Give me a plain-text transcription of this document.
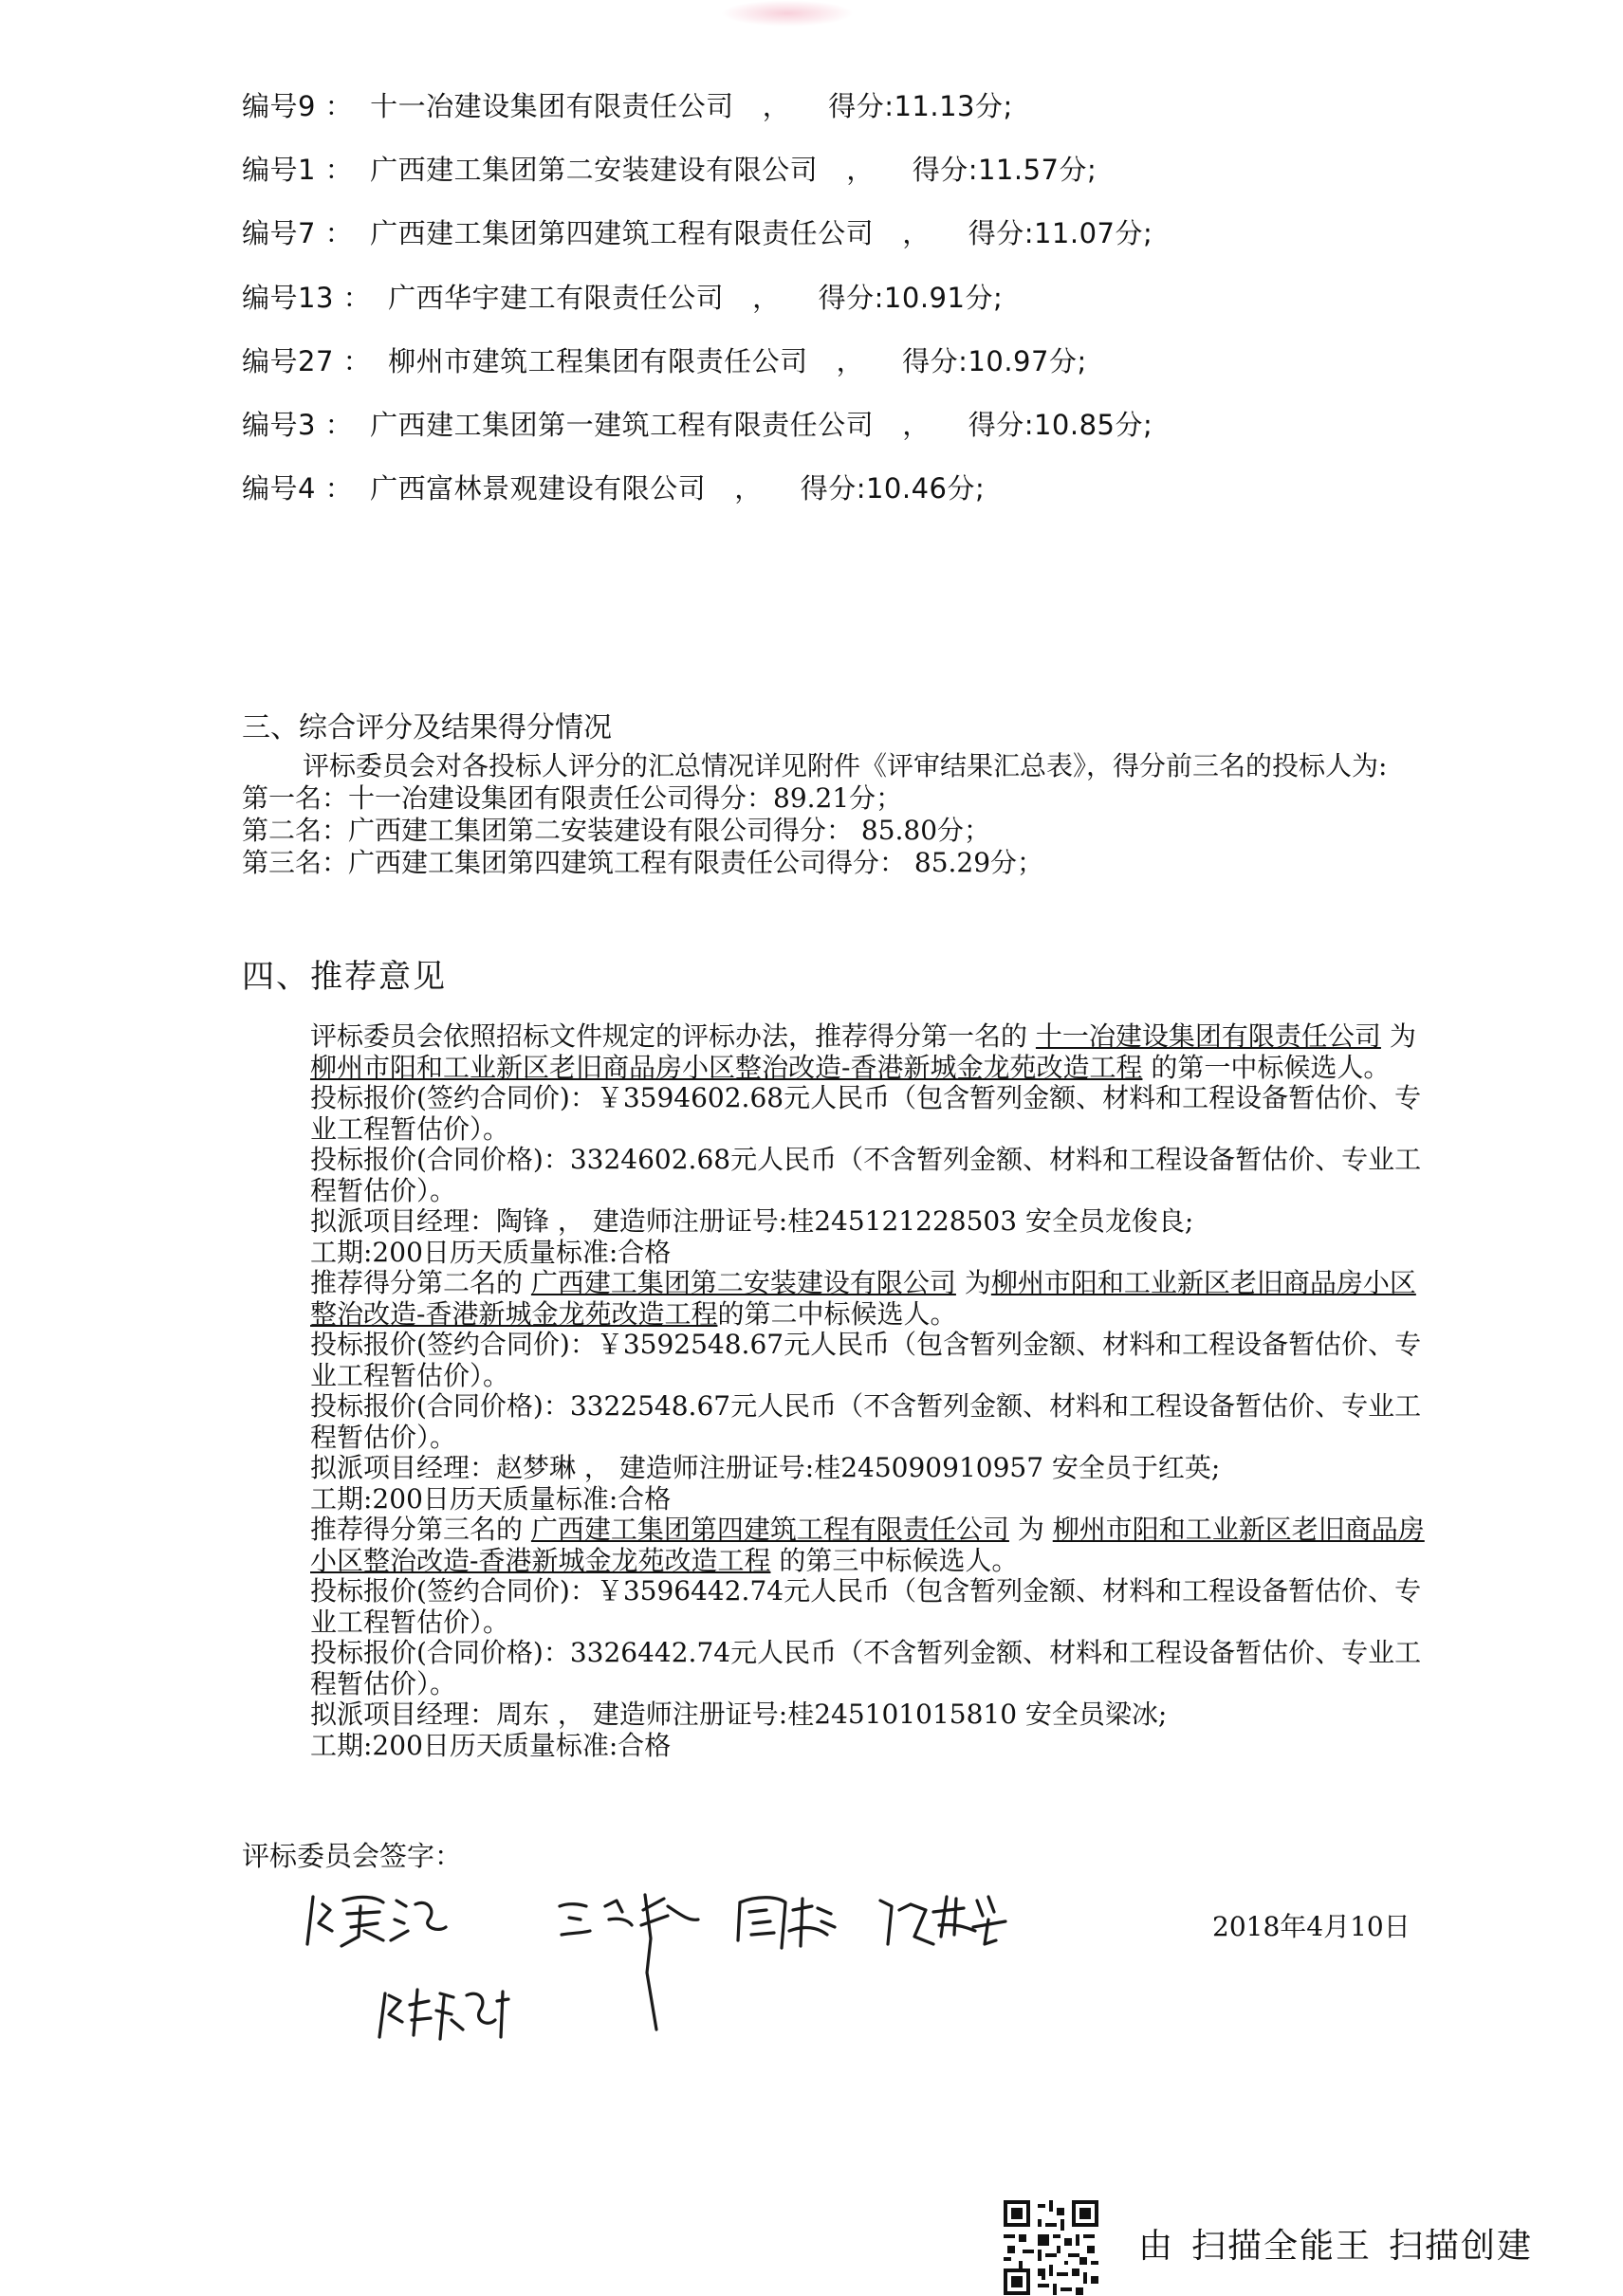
编号9 ： 十一冶建设集团有限责任公司 ， 得分:11.13分;
编号1 ： 广西建工集团第二安装建设有限公司 ， 得分:11.57分;
编号7 ： 广西建工集团第四建筑工程有限责任公司 ， 得分:11.07分;
编号13 ： 广西华宇建工有限责任公司 ， 得分:10.91分;
编号27 ： 柳州市建筑工程集团有限责任公司 ， 得分:10.97分;
编号3 ： 广西建工集团第一建筑工程有限责任公司 ， 得分:10.85分;
编号4 ： 广西富林景观建设有限公司 ， 得分:10.46分;
三、综合评分及结果得分情况
评标委员会对各投标人评分的汇总情况详见附件《评审结果汇总表》，得分前三名的投标人为:
第一名：十一冶建设集团有限责任公司得分：89.21分；
第二名：广西建工集团第二安装建设有限公司得分： 85.80分；
第三名：广西建工集团第四建筑工程有限责任公司得分： 85.29分；
四、推荐意见

评标委员会依照招标文件规定的评标办法，推荐得分第一名的 十一冶建设集团有限责任公司 为 柳州市阳和工业新区老旧商品房小区整治改造-香港新城金龙苑改造工程 的第一中标候选人。

投标报价(签约合同价)：￥3594602.68元人民币（包含暂列金额、材料和工程设备暂估价、专业工程暂估价）。

投标报价(合同价格)：3324602.68元人民币（不含暂列金额、材料和工程设备暂估价、专业工程暂估价）。

拟派项目经理：陶锋 ， 建造师注册证号:桂245121228503 安全员龙俊良;

工期:200日历天质量标准:合格

推荐得分第二名的 广西建工集团第二安装建设有限公司 为柳州市阳和工业新区老旧商品房小区整治改造-香港新城金龙苑改造工程的第二中标候选人。

投标报价(签约合同价)：￥3592548.67元人民币（包含暂列金额、材料和工程设备暂估价、专业工程暂估价）。

投标报价(合同价格)：3322548.67元人民币（不含暂列金额、材料和工程设备暂估价、专业工程暂估价）。

拟派项目经理：赵梦琳 ， 建造师注册证号:桂245090910957 安全员于红英;

工期:200日历天质量标准:合格

推荐得分第三名的 广西建工集团第四建筑工程有限责任公司 为 柳州市阳和工业新区老旧商品房小区整治改造-香港新城金龙苑改造工程 的第三中标候选人。

投标报价(签约合同价)：￥3596442.74元人民币（包含暂列金额、材料和工程设备暂估价、专业工程暂估价）。

投标报价(合同价格)：3326442.74元人民币（不含暂列金额、材料和工程设备暂估价、专业工程暂估价）。

拟派项目经理：周东 ， 建造师注册证号:桂245101015810 安全员梁冰;

工期:200日历天质量标准:合格

评标委员会签字：
2018年4月10日
由 扫描全能王 扫描创建
